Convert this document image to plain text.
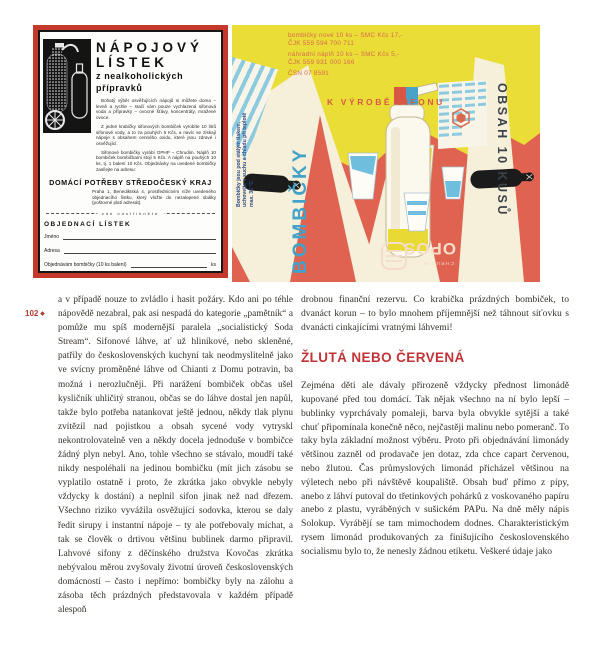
NÁPOJOVÝ
LÍSTEK
z nealkoholických
přípravků

Bohatý výběr osvěžujících nápojů si můžete doma – levně a rychle – stačí vám pouze vychlazená sifonová voda a přípravky – ovocné šťávy, koncentráty, mražené ovoce.

Z jedné krabičky sifonových bombiček vyrobíte 10 litrů sifonové vody, a to za pouhých 5 Kčs, a navíc se získají nápoje s obsahem cenného oxidu, které jsou zdravé i osvěžující.

Sifonové bombičky vyrábí OPHP – Chrudim. Náplň 10 bombiček bombičkami stojí 5 Kčs. A náplň na pouhých 10 ks, tj. 1 balení 10 Kčs. Objednávky na uvedené bombičky zasílejte na adresu:

DOMÁCÍ POTŘEBY STŘEDOČESKÝ KRAJ
Praha 1, Benediktská 4, prostřednictvím níže uvedeného objednacího lístku, který vložte do nezalepené obálky (poštovné platí adresát).
zde odstřihněte
OBJEDNACÍ LÍSTEK
Jméno
Adresa
Objednávám bombičky (10 ks balení)	ks
OPOS
CHRUDIM
bombičky nové 10 ks – SMC Kčs 17,-
ČJK 559 594 700 711
náhradní náplň 10 ks – SMC Kčs 5,-
ČJK 559 931 000 166
ČSN 07 8591
K VÝROBĚ SIFONU
Bombičky jsou pod stálým tlakem, uchovejte v suchu a chladu při teplotě max. 30 °C BOMBIČKY	OBSAH 10 KUSŮ
102 ◆

a v případě nouze to zvládlo i hasit požáry. Kdo ani po téhle nápovědě nezabral, pak asi nespadá do kategorie „pamětník“ a pomůže mu spíš modernější paralela „socialistický Soda Stream“. Sifonové láhve, ať už hliníkové, nebo skleněné, patřily do československých kuchyní tak neodmyslitelně jako ve svícny proměněné láhve od Chianti z Domu potravin, ba možná i nerozlučněji. Při narážení bombiček občas ušel kysličník uhličitý stranou, občas se do láhve dostal jen napůl, takže bylo potřeba natankovat ještě jednou, někdy tlak plynu zvítězil nad pojistkou a obsah sycené vody vytryskl nekontrolovatelně ven a někdy docela jednoduše v bombičce žádný plyn nebyl. Ano, tohle všechno se stávalo, moudří také nikdy nespoléhali na jedinou bombičku (mít jich zásobu se vyplatilo ostatně i proto, že zkrátka jako obvykle nebyly vždycky k dostání) a neplnil sifon jinak než nad dřezem. Všechno riziko vyvážila osvěžující sodovka, kterou se daly ředit sirupy i instantní nápoje – ty ale potřebovaly míchat, a tak se člověk o drtivou většinu bublinek darmo připravil. Lahvové sifony z děčínského družstva Kovočas zkrátka nebývalou měrou zvyšovaly životní úroveň československých domácností – často i nepřímo: bombičky byly na zálohu a zásoba těch prázdných představovala v každém případě alespoň

drobnou finanční rezervu. Co krabička prázdných bombiček, to dvanáct korun – to bylo mnohem příjemnější než táhnout síťovku s dvanácti cinkajícími vratnými láhvemi!

ŽLUTÁ NEBO ČERVENÁ

Zejména děti ale dávaly přirozeně vždycky přednost limonádě kupované před tou domácí. Tak nějak všechno na ní bylo lepší – bublinky vyprchávaly pomaleji, barva byla obvykle sytější a také chuť připomínala konečně něco, nejčastěji malinu nebo pomeranč. To taky byla základní možnost výběru. Proto při objednávání limonády většinou zazněl od prodavače jen dotaz, zda chce capart červenou, nebo žlutou. Čas průmyslových limonád přicházel většinou na výletech nebo při návštěvě koupaliště. Obsah buď přímo z pípy, anebo z láhví putoval do třetinkových pohárků z voskovaného papíru anebo z plastu, vyráběných v sušickém PAPu. Na dně měly nápis Solokup. Vyrábějí se tam mimochodem dodnes. Charakteristickým rysem limonád produkovaných za finišujícího československého socialismu bylo to, že nenesly žádnou etiketu. Veškeré údaje jako
